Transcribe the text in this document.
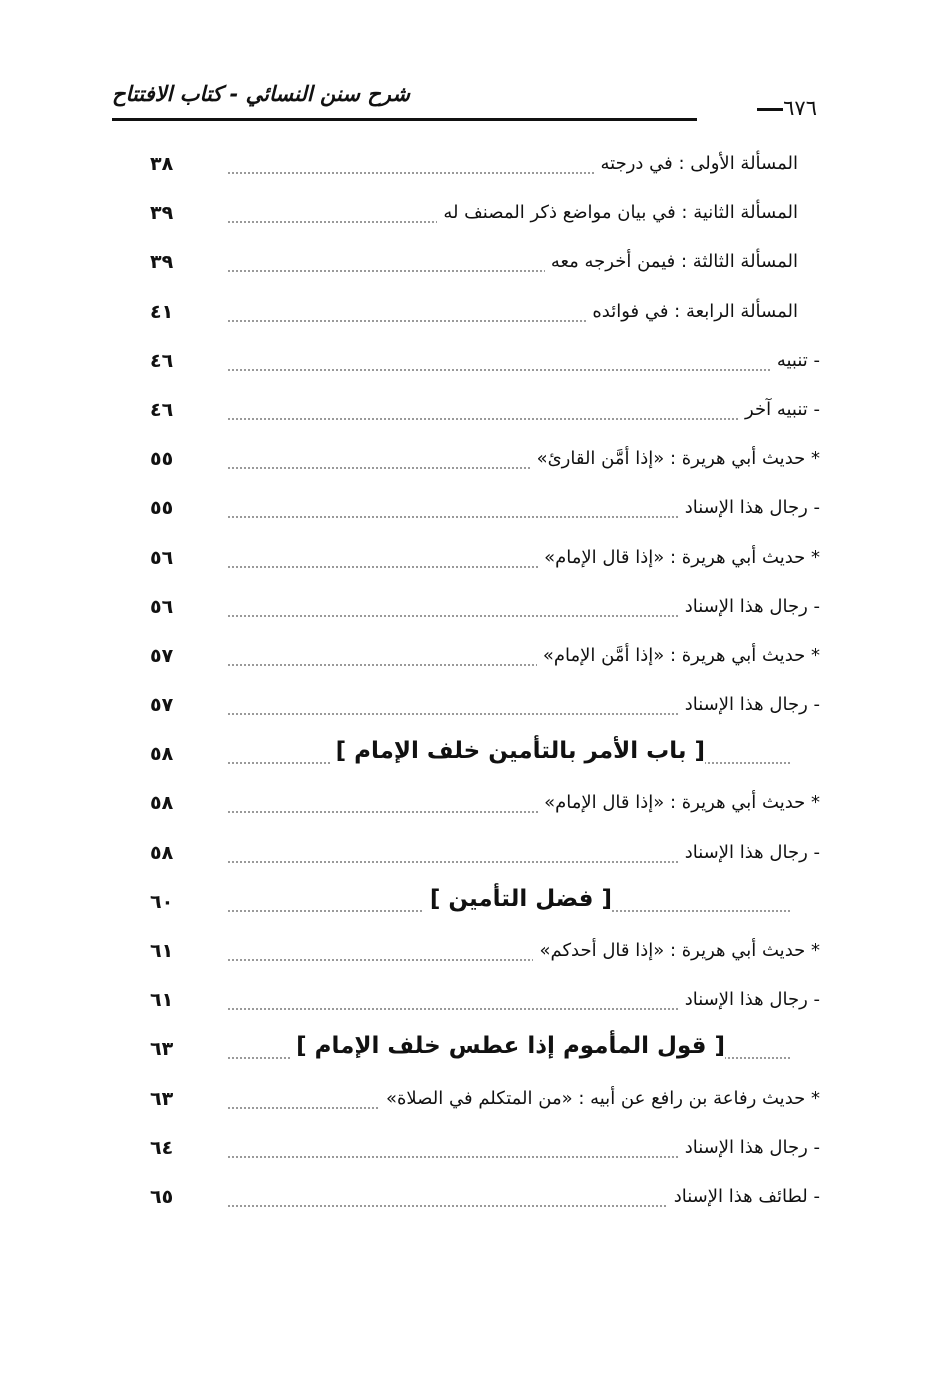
شرح سنن النسائي - كتاب الافتتاح
٦٧٦
المسألة الأولى : في درجته
٣٨
المسألة الثانية : في بيان مواضع ذكر المصنف له
٣٩
المسألة الثالثة : فيمن أخرجه معه
٣٩
المسألة الرابعة : في فوائده
٤١
- تنبيه
٤٦
- تنبيه آخر
٤٦
* حديث أبي هريرة : «إذا أمَّن القارئ»
٥٥
- رجال هذا الإسناد
٥٥
* حديث أبي هريرة : «إذا قال الإمام»
٥٦
- رجال هذا الإسناد
٥٦
* حديث أبي هريرة : «إذا أمَّن الإمام»
٥٧
- رجال هذا الإسناد
٥٧
[ باب الأمر بالتأمين خلف الإمام ]
٥٨
* حديث أبي هريرة : «إذا قال الإمام»
٥٨
- رجال هذا الإسناد
٥٨
[ فضل التأمين ]
٦٠
* حديث أبي هريرة : «إذا قال أحدكم»
٦١
- رجال هذا الإسناد
٦١
[ قول المأموم إذا عطس خلف الإمام ]
٦٣
* حديث رفاعة بن رافع عن أبيه : «من المتكلم في الصلاة»
٦٣
- رجال هذا الإسناد
٦٤
- لطائف هذا الإسناد
٦٥
